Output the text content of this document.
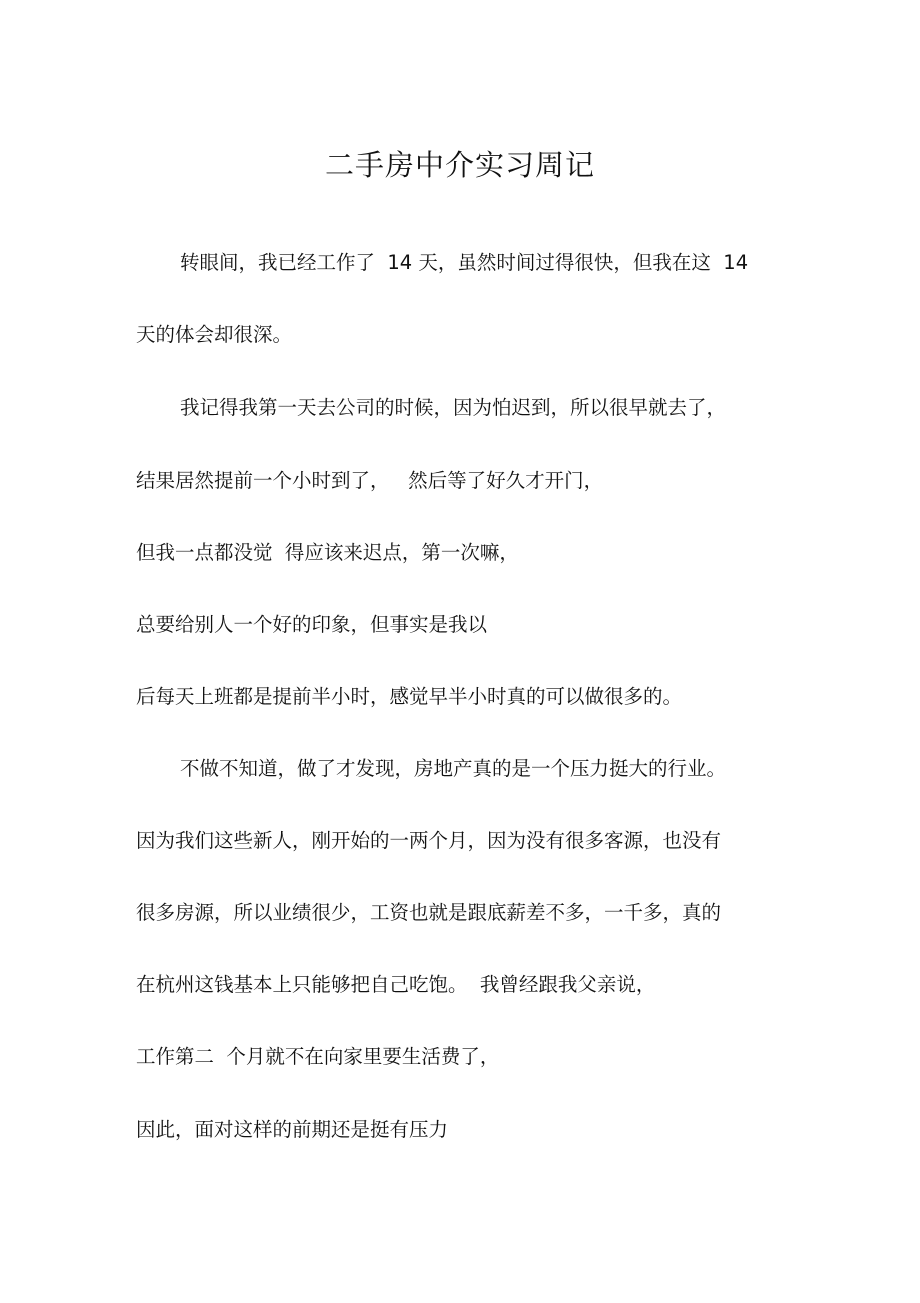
二手房中介实习周记
转眼间，我已经工作了  14 天，虽然时间过得很快，但我在这  14
天的体会却很深。
我记得我第一天去公司的时候，因为怕迟到，所以很早就去了，
结果居然提前一个小时到了，   然后等了好久才开门，
但我一点都没觉  得应该来迟点，第一次嘛，
总要给别人一个好的印象，但事实是我以
后每天上班都是提前半小时，感觉早半小时真的可以做很多的。
不做不知道，做了才发现，房地产真的是一个压力挺大的行业。
因为我们这些新人，刚开始的一两个月，因为没有很多客源，也没有
很多房源，所以业绩很少，工资也就是跟底薪差不多，一千多，真的
在杭州这钱基本上只能够把自己吃饱。  我曾经跟我父亲说，
工作第二  个月就不在向家里要生活费了，
因此，面对这样的前期还是挺有压力
